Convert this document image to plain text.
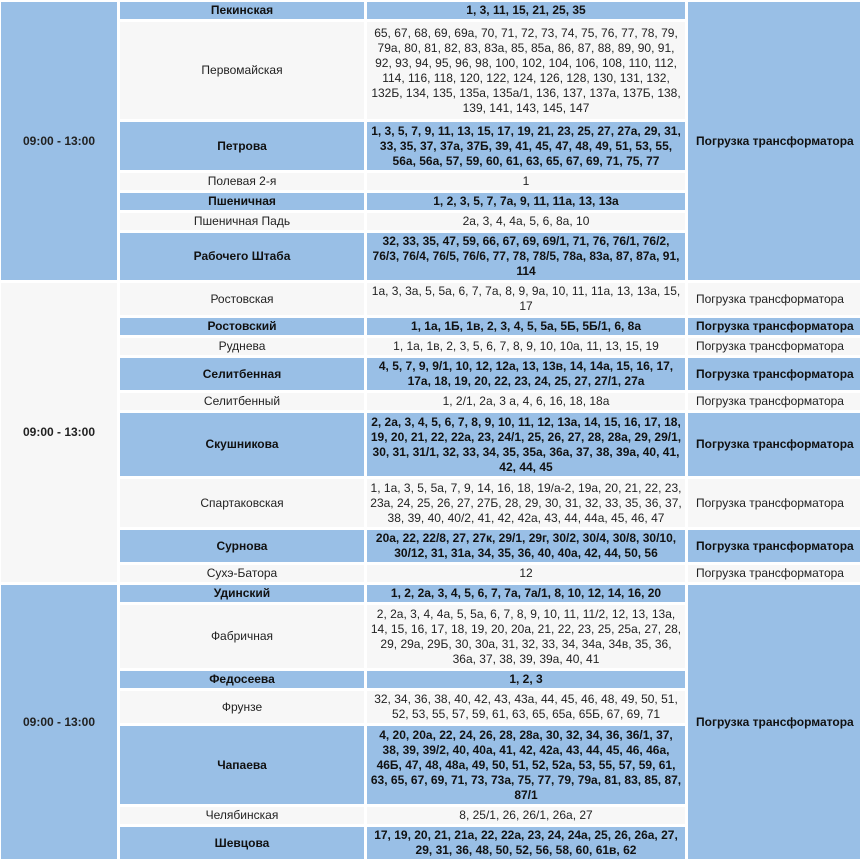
09:00 - 13:00	Пекинская	1, 3, 11, 15, 21, 25, 35	Погрузка трансформатора
	Первомайская	65, 67, 68, 69, 69а, 70, 71, 72, 73, 74, 75, 76, 77, 78, 79, 79а, 80, 81, 82, 83, 83а, 85, 85а, 86, 87, 88, 89, 90, 91, 92, 93, 94, 95, 96, 98, 100, 102, 104, 106, 108, 110, 112, 114, 116, 118, 120, 122, 124, 126, 128, 130, 131, 132, 132Б, 134, 135, 135а, 135а/1, 136, 137, 137а, 137Б, 138, 139, 141, 143, 145, 147	
	Петрова	1, 3, 5, 7, 9, 11, 13, 15, 17, 19, 21, 23, 25, 27, 27а, 29, 31, 33, 35, 37, 37а, 37Б, 39, 41, 45, 47, 48, 49, 51, 53, 55, 56а, 56а, 57, 59, 60, 61, 63, 65, 67, 69, 71, 75, 77	
	Полевая 2-я	1	
	Пшеничная	1, 2, 3, 5, 7, 7а, 9, 11, 11а, 13, 13а	
	Пшеничная Падь	2а, 3, 4, 4а, 5, 6, 8а, 10	
	Рабочего Штаба	32, 33, 35, 47, 59, 66, 67, 69, 69/1, 71, 76, 76/1, 76/2, 76/3, 76/4, 76/5, 76/6, 77, 78, 78/5, 78а, 83а, 87, 87а, 91, 114	
09:00 - 13:00	Ростовская	1а, 3, 3а, 5, 5а, 6, 7, 7а, 8, 9, 9а, 10, 11, 11а, 13, 13а, 15, 17	Погрузка трансформатора
	Ростовский	1, 1а, 1Б, 1в, 2, 3, 4, 5, 5а, 5Б, 5Б/1, 6, 8а	Погрузка трансформатора
	Руднева	1, 1а, 1в, 2, 3, 5, 6, 7, 8, 9, 10, 10а, 11, 13, 15, 19	Погрузка трансформатора
	Селитбенная	4, 5, 7, 9, 9/1, 10, 12, 12а, 13, 13в, 14, 14а, 15, 16, 17, 17а, 18, 19, 20, 22, 23, 24, 25, 27, 27/1, 27а	Погрузка трансформатора
	Селитбенный	1, 2/1, 2а, 3 а, 4, 6, 16, 18, 18а	Погрузка трансформатора
	Скушникова	2, 2а, 3, 4, 5, 6, 7, 8, 9, 10, 11, 12, 13а, 14, 15, 16, 17, 18, 19, 20, 21, 22, 22а, 23, 24/1, 25, 26, 27, 28, 28а, 29, 29/1, 30, 31, 31/1, 32, 33, 34, 35, 35а, 36а, 37, 38, 39а, 40, 41, 42, 44, 45	Погрузка трансформатора
	Спартаковская	1, 1а, 3, 5, 5а, 7, 9, 14, 16, 18, 19/а-2, 19а, 20, 21, 22, 23, 23а, 24, 25, 26, 27, 27Б, 28, 29, 30, 31, 32, 33, 35, 36, 37, 38, 39, 40, 40/2, 41, 42, 42а, 43, 44, 44а, 45, 46, 47	Погрузка трансформатора
	Сурнова	20а, 22, 22/8, 27, 27к, 29/1, 29г, 30/2, 30/4, 30/8, 30/10, 30/12, 31, 31а, 34, 35, 36, 40, 40а, 42, 44, 50, 56	Погрузка трансформатора
	Сухэ-Батора	12	Погрузка трансформатора
09:00 - 13:00	Удинский	1, 2, 2а, 3, 4, 5, 6, 7, 7а, 7а/1, 8, 10, 12, 14, 16, 20	Погрузка трансформатора
	Фабричная	2, 2а, 3, 4, 4а, 5, 5а, 6, 7, 8, 9, 10, 11, 11/2, 12, 13, 13а, 14, 15, 16, 17, 18, 19, 20, 20а, 21, 22, 23, 25, 25а, 27, 28, 29, 29а, 29Б, 30, 30а, 31, 32, 33, 34, 34а, 34в, 35, 36, 36а, 37, 38, 39, 39а, 40, 41	
	Федосеева	1, 2, 3	
	Фрунзе	32, 34, 36, 38, 40, 42, 43, 43а, 44, 45, 46, 48, 49, 50, 51, 52, 53, 55, 57, 59, 61, 63, 65, 65а, 65Б, 67, 69, 71	
	Чапаева	4, 20, 20а, 22, 24, 26, 28, 28а, 30, 32, 34, 36, 36/1, 37, 38, 39, 39/2, 40, 40а, 41, 42, 42а, 43, 44, 45, 46, 46а, 46Б, 47, 48, 48а, 49, 50, 51, 52, 52а, 53, 55, 57, 59, 61, 63, 65, 67, 69, 71, 73, 73а, 75, 77, 79, 79а, 81, 83, 85, 87, 87/1	
	Челябинская	8, 25/1, 26, 26/1, 26а, 27	
	Шевцова	17, 19, 20, 21, 21а, 22, 22а, 23, 24, 24а, 25, 26, 26а, 27, 29, 31, 36, 48, 50, 52, 56, 58, 60, 61в, 62	
